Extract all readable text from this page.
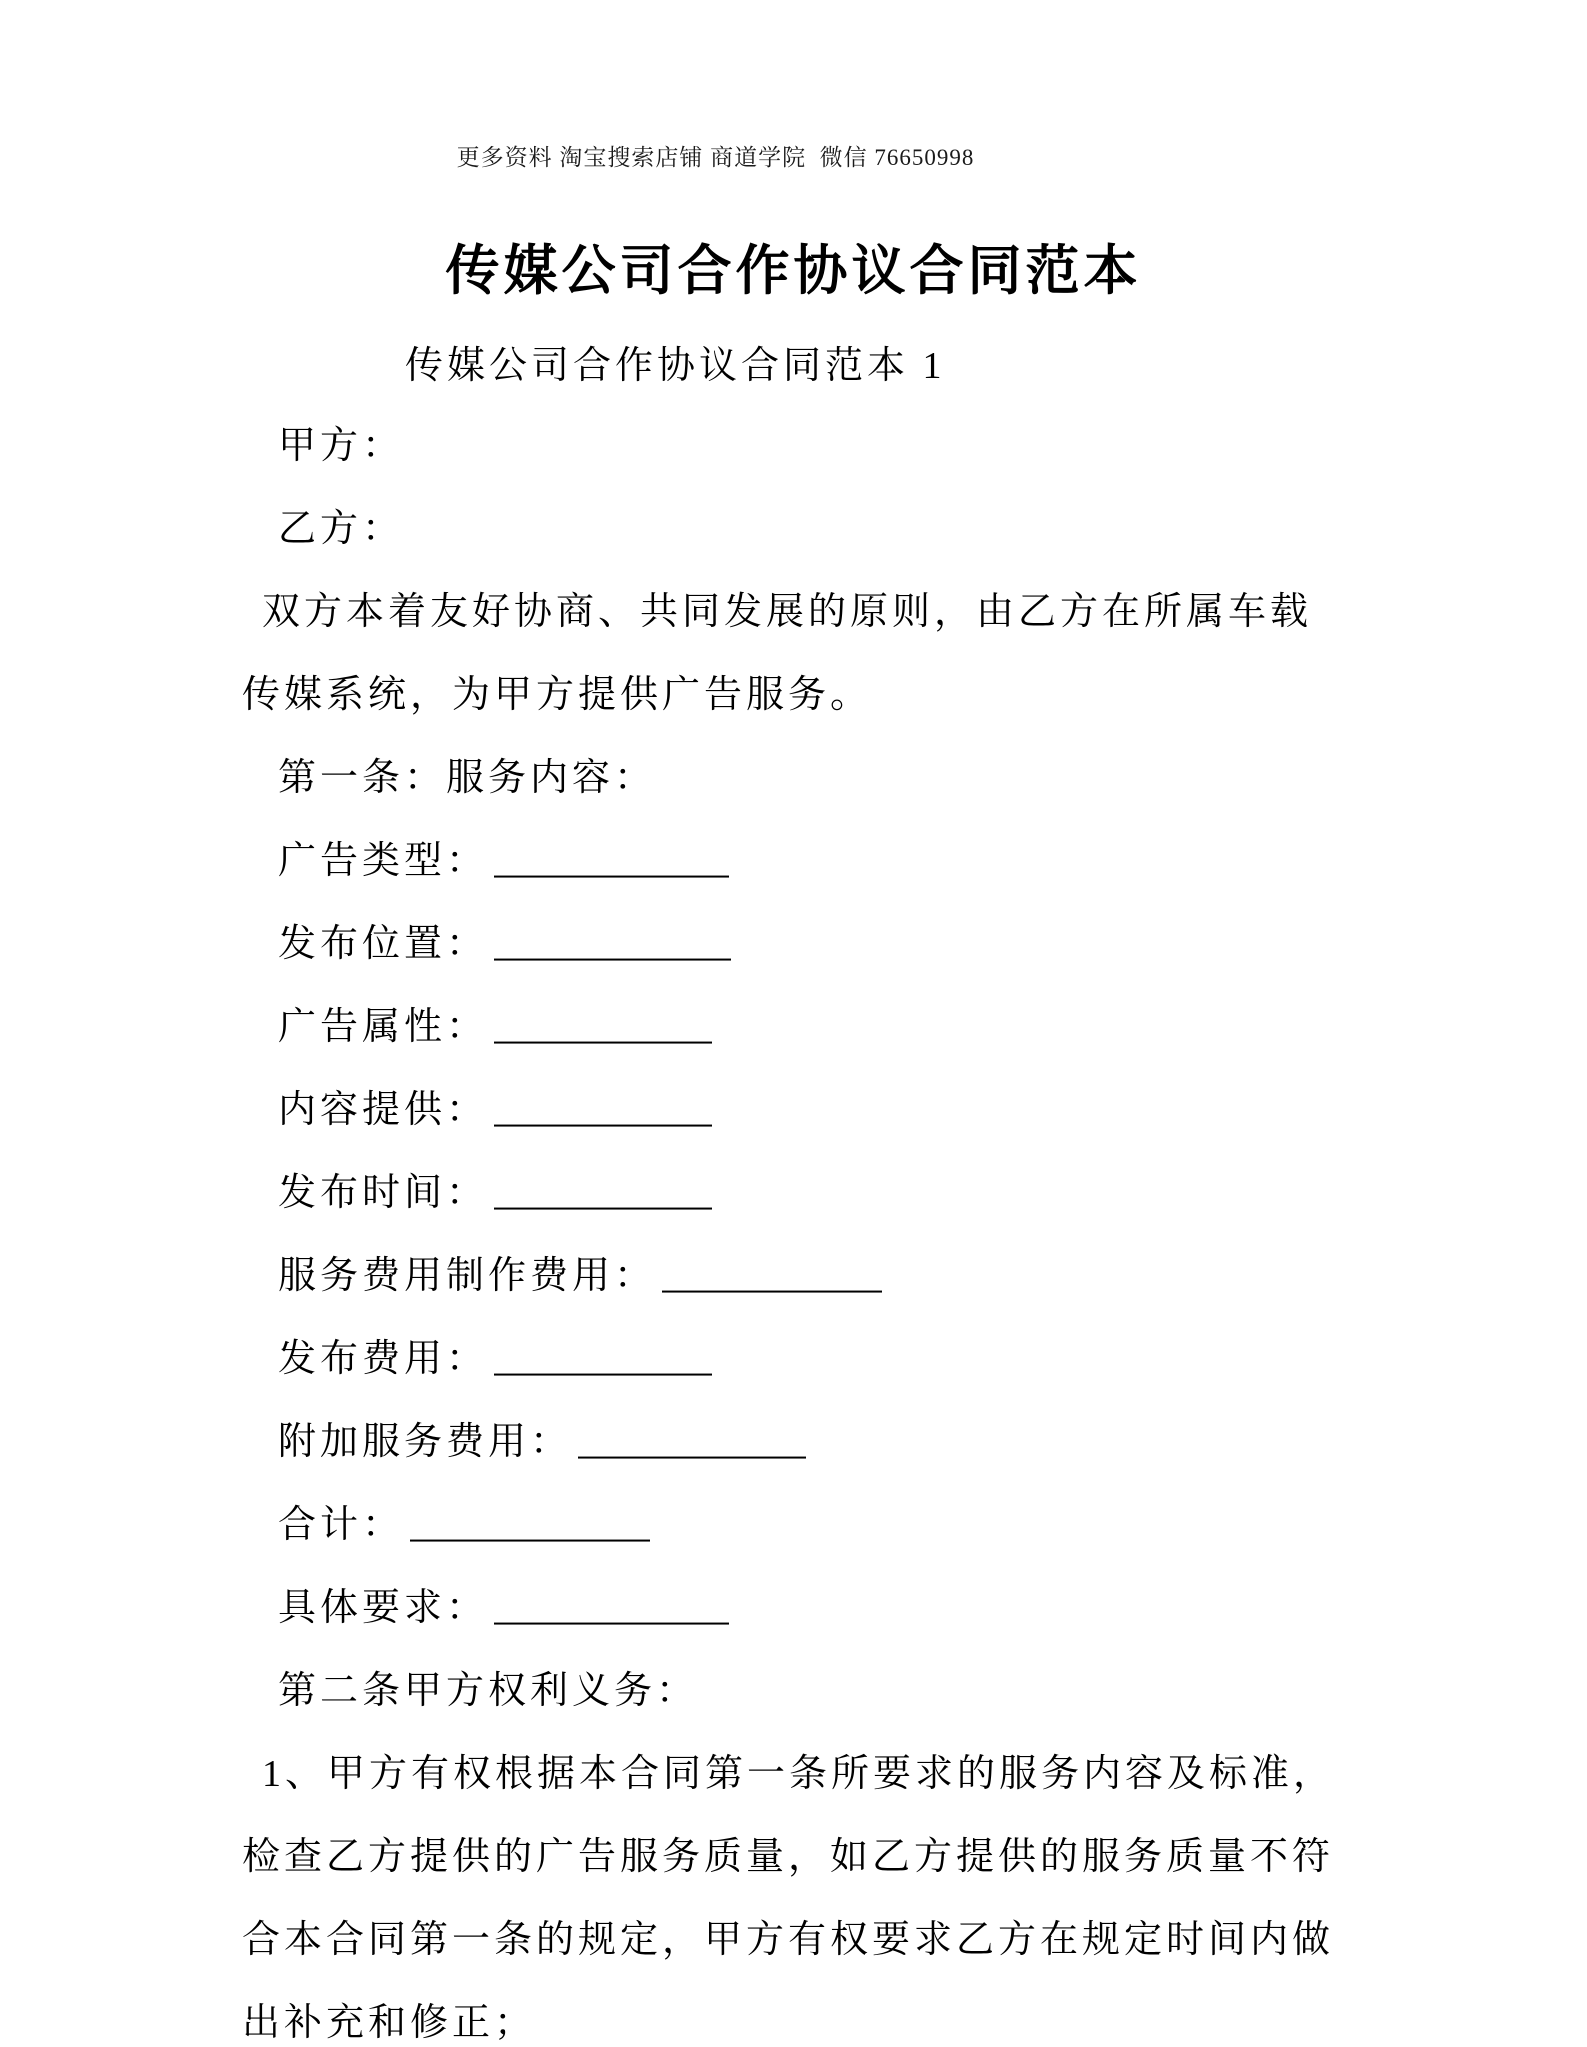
更多资料 淘宝搜索店铺 商道学院  微信 76650998
传媒公司合作协议合同范本
传媒公司合作协议合同范本 1
甲方：
乙方：
双方本着友好协商、共同发展的原则，由乙方在所属车载传媒系统，为甲方提供广告服务。
第一条：服务内容：
广告类型：
发布位置：
广告属性：
内容提供：
发布时间：
服务费用制作费用：
发布费用：
附加服务费用：
合计：
具体要求：
第二条甲方权利义务：
1、甲方有权根据本合同第一条所要求的服务内容及标准，检查乙方提供的广告服务质量，如乙方提供的服务质量不符合本合同第一条的规定，甲方有权要求乙方在规定时间内做出补充和修正；
